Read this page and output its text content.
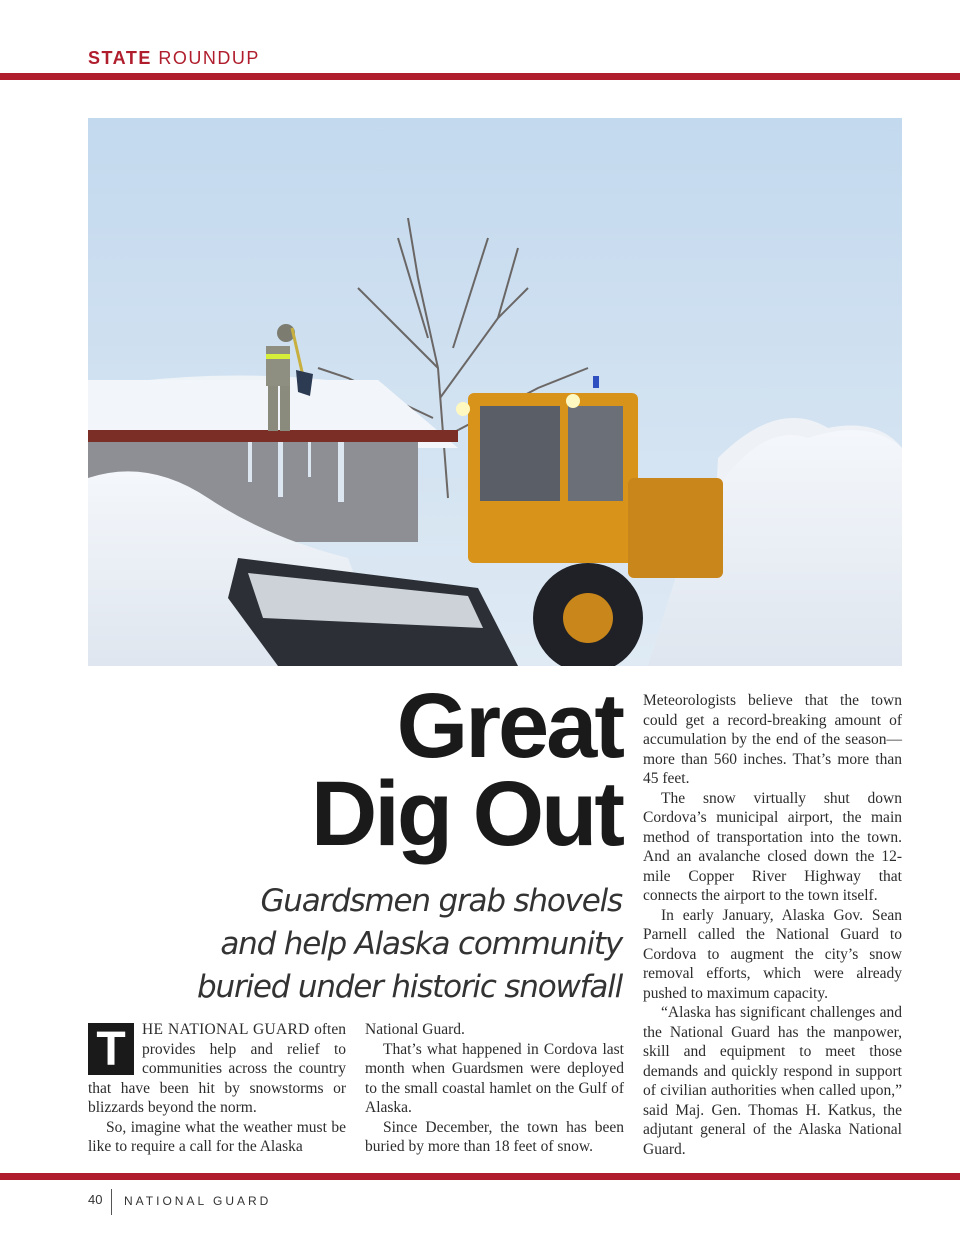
STATE ROUNDUP
Great
Dig Out
Guardsmen grab shovels
and help Alaska community
buried under historic snowfall

T	HE NATIONAL GUARD often provides help and relief to communities across the country that have been hit by snowstorms or blizzards beyond the norm.

So, imagine what the weather must be like to require a call for the Alaska

National Guard.

That’s what happened in Cordova last month when Guardsmen were deployed to the small coastal hamlet on the Gulf of Alaska.

Since December, the town has been buried by more than 18 feet of snow.

Meteorologists believe that the town could get a record-breaking amount of accumulation by the end of the season—more than 560 inches. That’s more than 45 feet.

The snow virtually shut down Cordova’s municipal airport, the main method of transportation into the town. And an avalanche closed down the 12-mile Copper River Highway that connects the airport to the town itself.

In early January, Alaska Gov. Sean Parnell called the National Guard to Cordova to augment the city’s snow removal efforts, which were already pushed to maximum capacity.

“Alaska has significant challenges and the National Guard has the manpower, skill and equipment to meet those demands and quickly respond in support of civilian authorities when called upon,” said Maj. Gen. Thomas H. Katkus, the adjutant general of the Alaska National Guard.

40 NATIONAL GUARD
